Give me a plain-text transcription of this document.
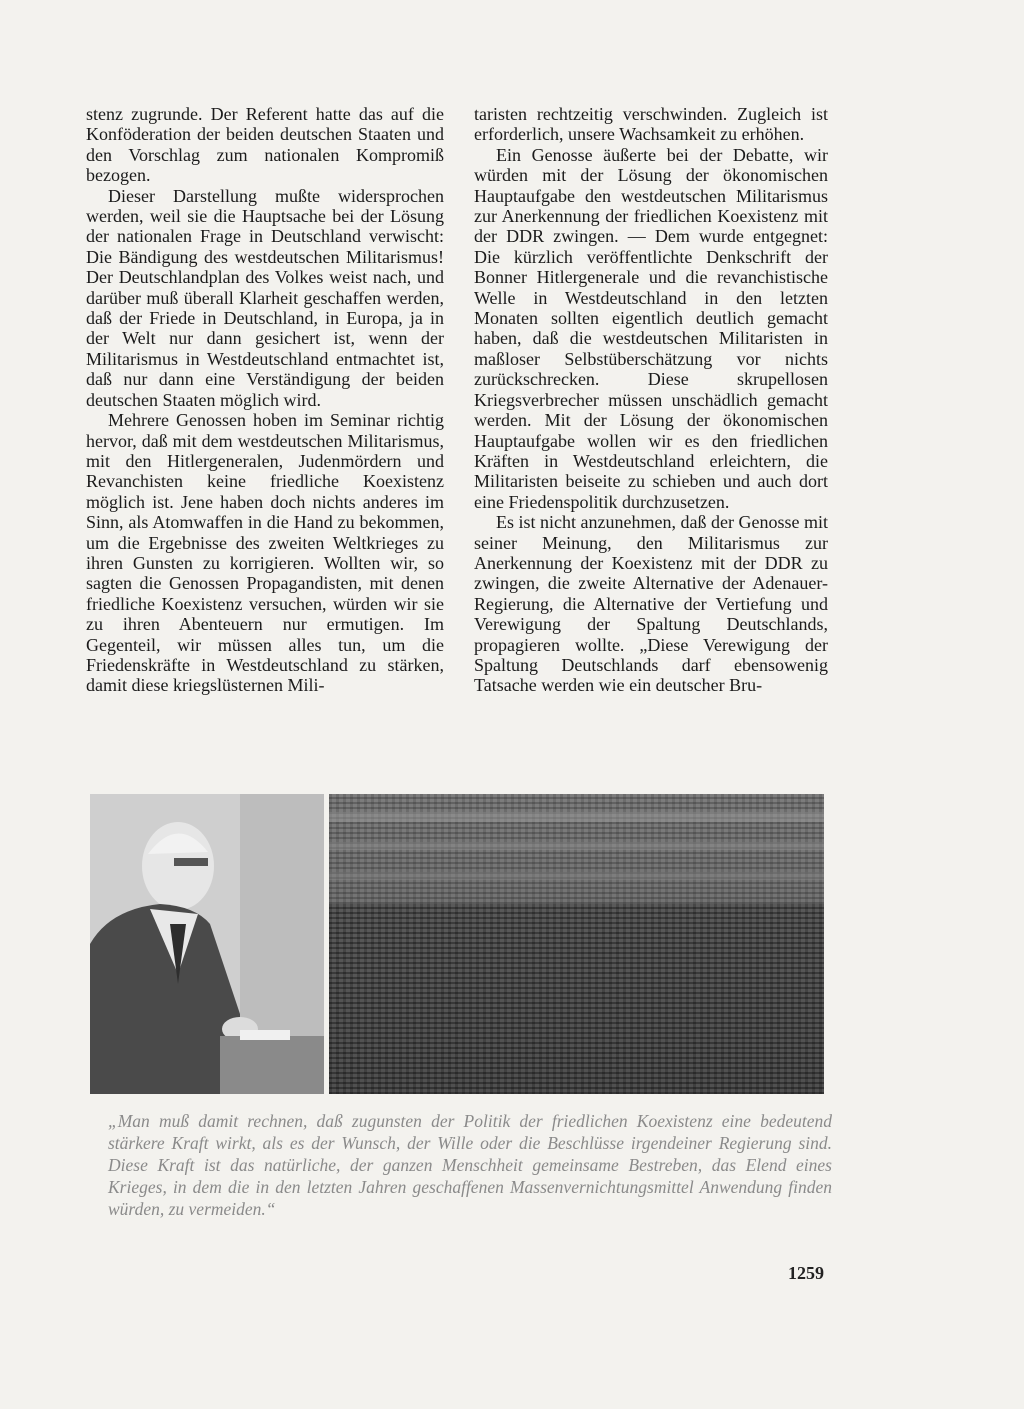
stenz zugrunde. Der Referent hatte das auf die Konföderation der beiden deutschen Staaten und den Vorschlag zum nationalen Kompromiß bezogen.

Dieser Darstellung mußte widersprochen werden, weil sie die Hauptsache bei der Lösung der nationalen Frage in Deutschland verwischt: Die Bändigung des westdeutschen Militarismus! Der Deutschlandplan des Volkes weist nach, und darüber muß überall Klarheit geschaffen werden, daß der Friede in Deutschland, in Europa, ja in der Welt nur dann gesichert ist, wenn der Militarismus in Westdeutschland entmachtet ist, daß nur dann eine Verständigung der beiden deutschen Staaten möglich wird.

Mehrere Genossen hoben im Seminar richtig hervor, daß mit dem westdeutschen Militarismus, mit den Hitlergeneralen, Judenmördern und Revanchisten keine friedliche Koexistenz möglich ist. Jene haben doch nichts anderes im Sinn, als Atomwaffen in die Hand zu bekommen, um die Ergebnisse des zweiten Weltkrieges zu ihren Gunsten zu korrigieren. Wollten wir, so sagten die Genossen Propagandisten, mit denen friedliche Koexistenz versuchen, würden wir sie zu ihren Abenteuern nur ermutigen. Im Gegenteil, wir müssen alles tun, um die Friedenskräfte in Westdeutschland zu stärken, damit diese kriegslüsternen Mili-

taristen rechtzeitig verschwinden. Zugleich ist erforderlich, unsere Wachsamkeit zu erhöhen.

Ein Genosse äußerte bei der Debatte, wir würden mit der Lösung der ökonomischen Hauptaufgabe den westdeutschen Militarismus zur Anerkennung der friedlichen Koexistenz mit der DDR zwingen. — Dem wurde entgegnet: Die kürzlich veröffentlichte Denkschrift der Bonner Hitlergenerale und die revanchistische Welle in Westdeutschland in den letzten Monaten sollten eigentlich deutlich gemacht haben, daß die westdeutschen Militaristen in maßloser Selbstüberschätzung vor nichts zurückschrecken. Diese skrupellosen Kriegsverbrecher müssen unschädlich gemacht werden. Mit der Lösung der ökonomischen Hauptaufgabe wollen wir es den friedlichen Kräften in Westdeutschland erleichtern, die Militaristen beiseite zu schieben und auch dort eine Friedenspolitik durchzusetzen.

Es ist nicht anzunehmen, daß der Genosse mit seiner Meinung, den Militarismus zur Anerkennung der Koexistenz mit der DDR zu zwingen, die zweite Alternative der Adenauer-Regierung, die Alternative der Vertiefung und Verewigung der Spaltung Deutschlands, propagieren wollte. „Diese Verewigung der Spaltung Deutschlands darf ebensowenig Tatsache werden wie ein deutscher Bru-

„Man muß damit rechnen, daß zugunsten der Politik der friedlichen Koexistenz eine bedeutend stärkere Kraft wirkt, als es der Wunsch, der Wille oder die Beschlüsse irgendeiner Regierung sind. Diese Kraft ist das natürliche, der ganzen Menschheit gemeinsame Bestreben, das Elend eines Krieges, in dem die in den letzten Jahren geschaffenen Massenvernichtungsmittel Anwendung finden würden, zu vermeiden.“
1259
